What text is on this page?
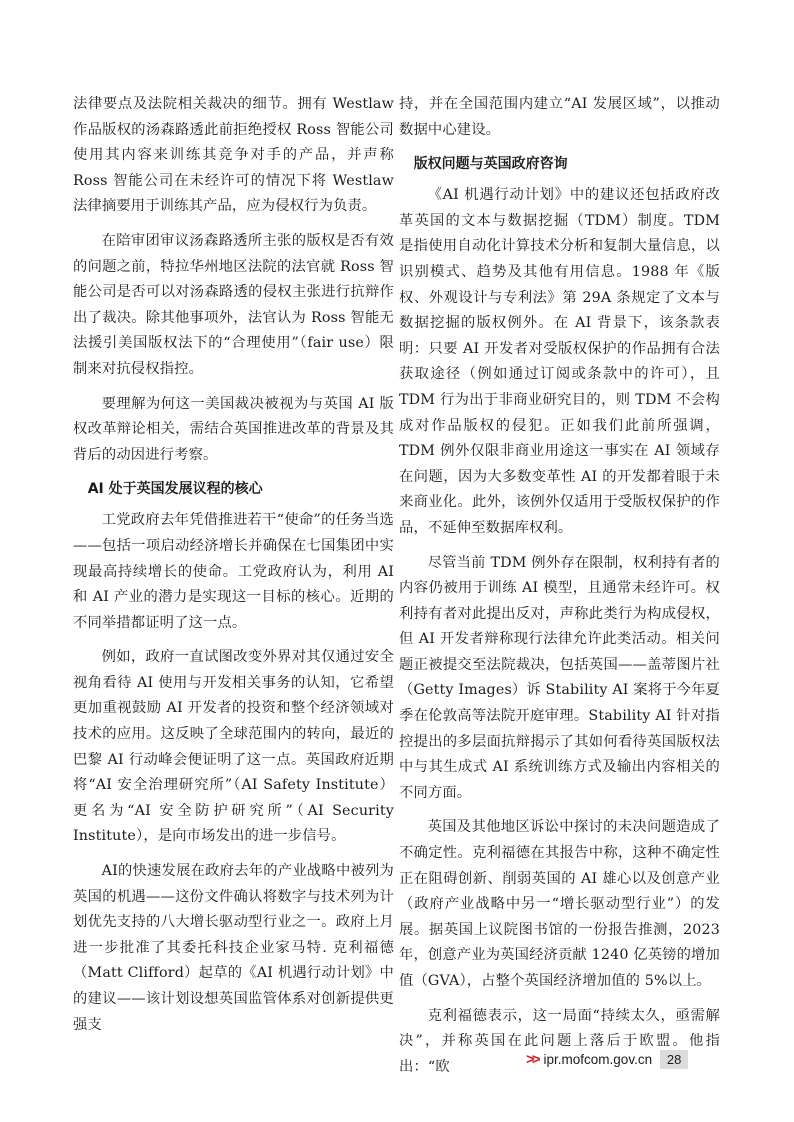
法律要点及法院相关裁决的细节。拥有 Westlaw 作品版权的汤森路透此前拒绝授权 Ross 智能公司使用其内容来训练其竞争对手的产品，并声称 Ross 智能公司在未经许可的情况下将 Westlaw 法律摘要用于训练其产品，应为侵权行为负责。

在陪审团审议汤森路透所主张的版权是否有效的问题之前，特拉华州地区法院的法官就 Ross 智能公司是否可以对汤森路透的侵权主张进行抗辩作出了裁决。除其他事项外，法官认为 Ross 智能无法援引美国版权法下的“合理使用”（fair use）限制来对抗侵权指控。

要理解为何这一美国裁决被视为与英国 AI 版权改革辩论相关，需结合英国推进改革的背景及其背后的动因进行考察。

AI 处于英国发展议程的核心

工党政府去年凭借推进若干“使命”的任务当选——包括一项启动经济增长并确保在七国集团中实现最高持续增长的使命。工党政府认为，利用 AI 和 AI 产业的潜力是实现这一目标的核心。近期的不同举措都证明了这一点。

例如，政府一直试图改变外界对其仅通过安全视角看待 AI 使用与开发相关事务的认知，它希望更加重视鼓励 AI 开发者的投资和整个经济领域对技术的应用。这反映了全球范围内的转向，最近的巴黎 AI 行动峰会便证明了这一点。英国政府近期将“AI 安全治理研究所”（AI Safety Institute）更名为“AI 安全防护研究所”（AI Security Institute），是向市场发出的进一步信号。

AI的快速发展在政府去年的产业战略中被列为英国的机遇——这份文件确认将数字与技术列为计划优先支持的八大增长驱动型行业之一。政府上月进一步批准了其委托科技企业家马特. 克利福德（Matt Clifford）起草的《AI 机遇行动计划》中的建议——该计划设想英国监管体系对创新提供更强支

持，并在全国范围内建立“AI 发展区域”，以推动数据中心建设。

版权问题与英国政府咨询

《AI 机遇行动计划》中的建议还包括政府改革英国的文本与数据挖掘（TDM）制度。TDM 是指使用自动化计算技术分析和复制大量信息，以识别模式、趋势及其他有用信息。1988 年《版权、外观设计与专利法》第 29A 条规定了文本与数据挖掘的版权例外。在 AI 背景下，该条款表明：只要 AI 开发者对受版权保护的作品拥有合法获取途径（例如通过订阅或条款中的许可），且 TDM 行为出于非商业研究目的，则 TDM 不会构成对作品版权的侵犯。正如我们此前所强调，TDM 例外仅限非商业用途这一事实在 AI 领域存在问题，因为大多数变革性 AI 的开发都着眼于未来商业化。此外，该例外仅适用于受版权保护的作品，不延伸至数据库权利。

尽管当前 TDM 例外存在限制，权利持有者的内容仍被用于训练 AI 模型，且通常未经许可。权利持有者对此提出反对，声称此类行为构成侵权，但 AI 开发者辩称现行法律允许此类活动。相关问题正被提交至法院裁决，包括英国——盖蒂图片社（Getty Images）诉 Stability AI 案将于今年夏季在伦敦高等法院开庭审理。Stability AI 针对指控提出的多层面抗辩揭示了其如何看待英国版权法中与其生成式 AI 系统训练方式及输出内容相关的不同方面。

英国及其他地区诉讼中探讨的未决问题造成了不确定性。克利福德在其报告中称，这种不确定性正在阻碍创新、削弱英国的 AI 雄心以及创意产业（政府产业战略中另一“增长驱动型行业”）的发展。据英国上议院图书馆的一份报告推测，2023 年，创意产业为英国经济贡献 1240 亿英镑的增加值（GVA），占整个英国经济增加值的 5%以上。

克利福德表示，这一局面“持续太久，亟需解决”，并称英国在此问题上落后于欧盟。他指出：“欧	>> ipr.mofcom.gov.cn	28
